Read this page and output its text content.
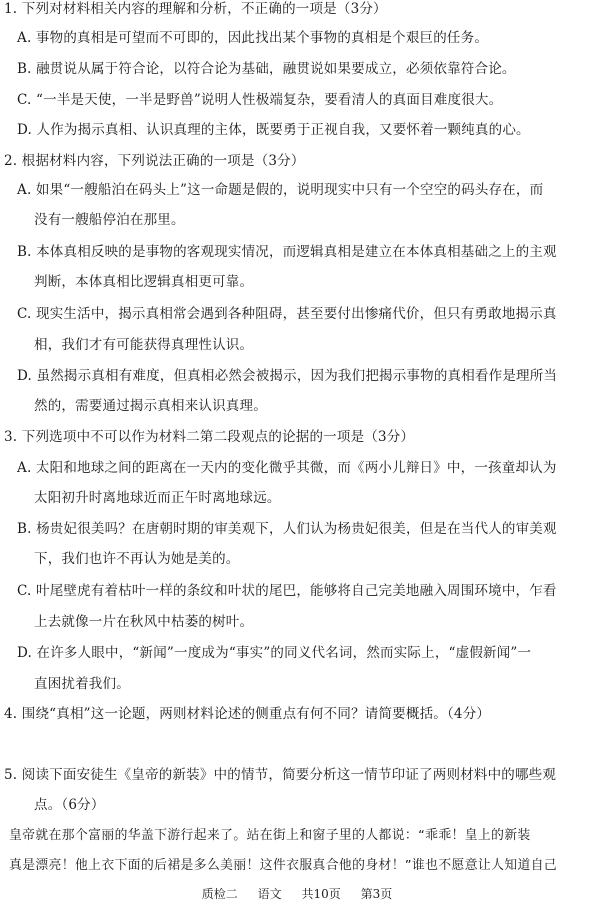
1. 下列对材料相关内容的理解和分析，不正确的一项是（3分）
A. 事物的真相是可望而不可即的，因此找出某个事物的真相是个艰巨的任务。
B. 融贯说从属于符合论，以符合论为基础，融贯说如果要成立，必须依靠符合论。
C. “一半是天使，一半是野兽”说明人性极端复杂，要看清人的真面目难度很大。
D. 人作为揭示真相、认识真理的主体，既要勇于正视自我，又要怀着一颗纯真的心。
2. 根据材料内容，下列说法正确的一项是（3分）
A. 如果“一艘船泊在码头上”这一命题是假的，说明现实中只有一个空空的码头存在，而
没有一艘船停泊在那里。
B. 本体真相反映的是事物的客观现实情况，而逻辑真相是建立在本体真相基础之上的主观
判断，本体真相比逻辑真相更可靠。
C. 现实生活中，揭示真相常会遇到各种阻碍，甚至要付出惨痛代价，但只有勇敢地揭示真
相，我们才有可能获得真理性认识。
D. 虽然揭示真相有难度，但真相必然会被揭示，因为我们把揭示事物的真相看作是理所当
然的，需要通过揭示真相来认识真理。
3. 下列选项中不可以作为材料二第二段观点的论据的一项是（3分）
A. 太阳和地球之间的距离在一天内的变化微乎其微，而《两小儿辩日》中，一孩童却认为
太阳初升时离地球近而正午时离地球远。
B. 杨贵妃很美吗？在唐朝时期的审美观下，人们认为杨贵妃很美，但是在当代人的审美观
下，我们也许不再认为她是美的。
C. 叶尾壁虎有着枯叶一样的条纹和叶状的尾巴，能够将自己完美地融入周围环境中，乍看
上去就像一片在秋风中枯萎的树叶。
D. 在许多人眼中，“新闻”一度成为“事实”的同义代名词，然而实际上，“虚假新闻”一
直困扰着我们。
4. 围绕“真相”这一论题，两则材料论述的侧重点有何不同？请简要概括。（4分）
5. 阅读下面安徒生《皇帝的新装》中的情节，简要分析这一情节印证了两则材料中的哪些观
点。（6分）
皇帝就在那个富丽的华盖下游行起来了。站在街上和窗子里的人都说：“乖乖！皇上的新装
真是漂亮！他上衣下面的后裙是多么美丽！这件衣服真合他的身材！”谁也不愿意让人知道自己
质检二 语文 共10页 第3页
